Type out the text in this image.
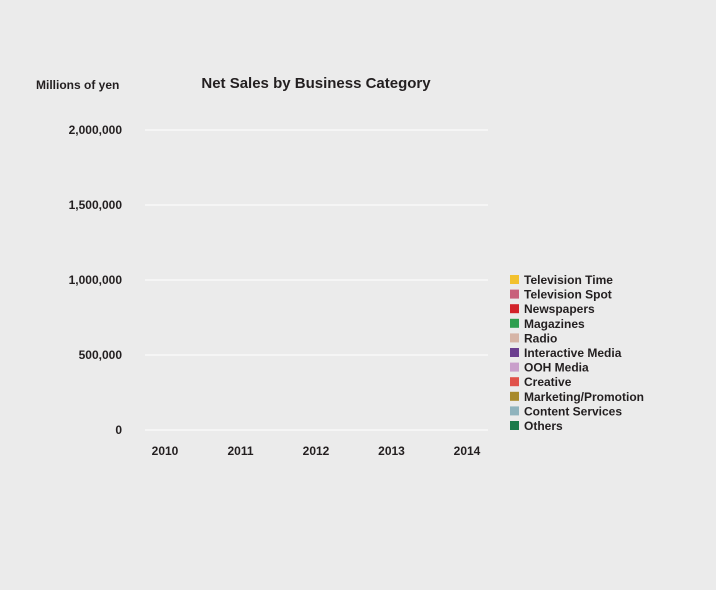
Millions of yen	Net Sales by Business Category
0
500,000
1,000,000
1,500,000
2,000,000
2010	2011	2012	2013	2014
Television Time
Television Spot
Newspapers
Magazines
Radio
Interactive Media
OOH Media
Creative
Marketing/Promotion
Content Services
Others
